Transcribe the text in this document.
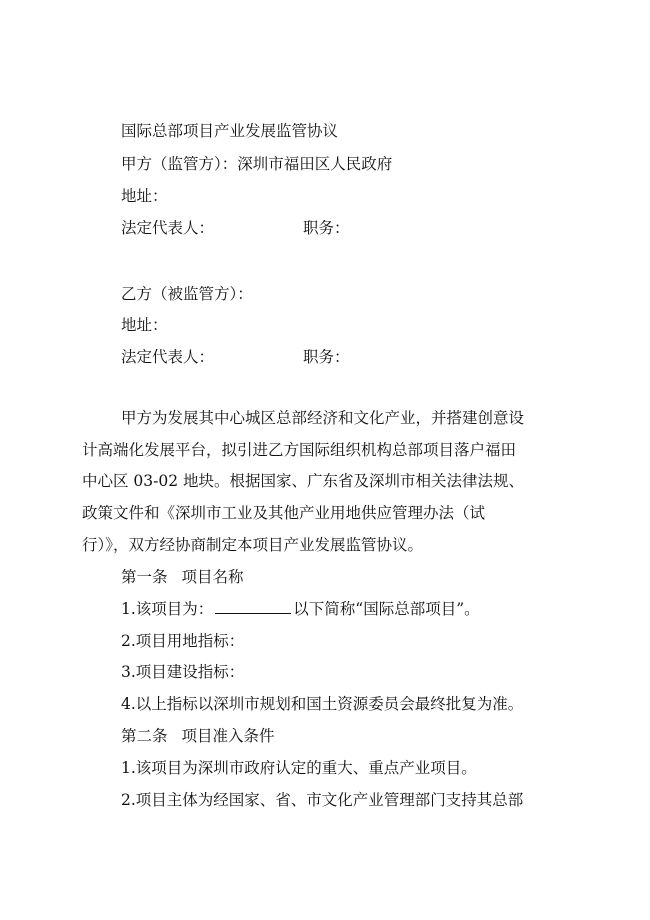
国际总部项目产业发展监管协议
甲方（监管方）：深圳市福田区人民政府
地址：
法定代表人：	职务：
乙方（被监管方）：
地址：
法定代表人：	职务：
甲方为发展其中心城区总部经济和文化产业，并搭建创意设
计高端化发展平台，拟引进乙方国际组织机构总部项目落户福田
中心区 03-02 地块。根据国家、广东省及深圳市相关法律法规、
政策文件和《深圳市工业及其他产业用地供应管理办法（试
行）》，双方经协商制定本项目产业发展监管协议。
第一条 项目名称
1.该项目为：	以下简称“国际总部项目”。
2.项目用地指标：
3.项目建设指标：
4.以上指标以深圳市规划和国土资源委员会最终批复为准。
第二条 项目准入条件
1.该项目为深圳市政府认定的重大、重点产业项目。
2.项目主体为经国家、省、市文化产业管理部门支持其总部
